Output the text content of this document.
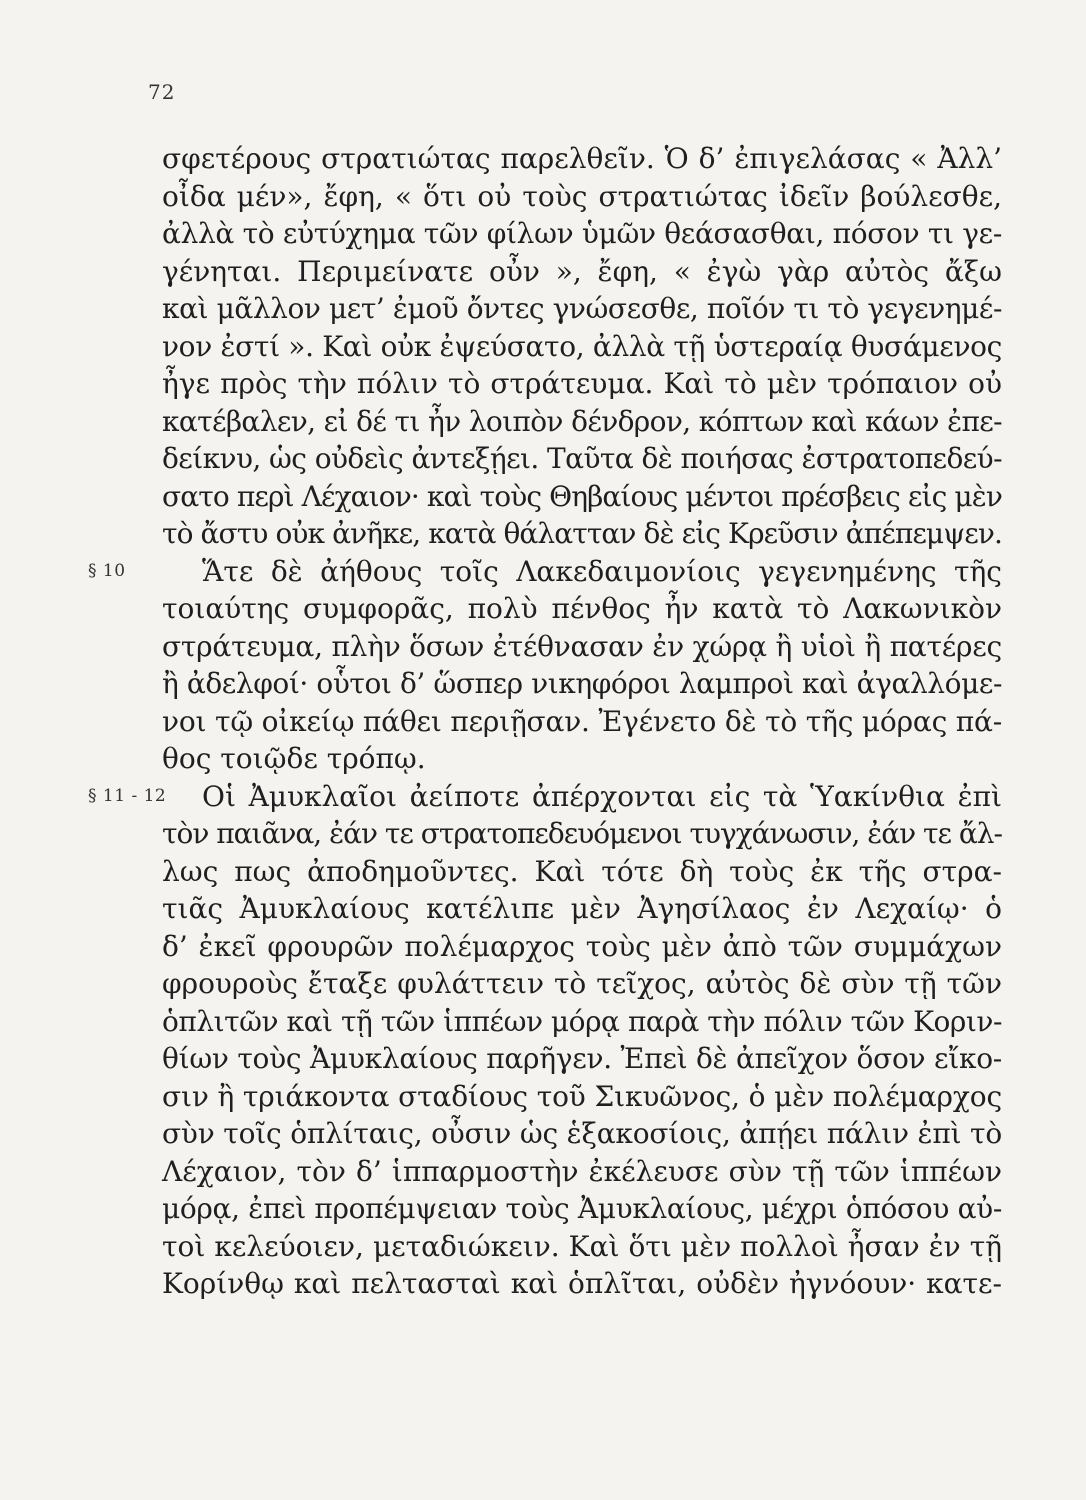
72
σφετέρους στρατιώτας παρελθεῖν. Ὁ δ’ ἐπιγελάσας « Ἀλλ’
οἶδα μέν», ἔφη, « ὅτι οὐ τοὺς στρατιώτας ἰδεῖν βούλεσθε,
ἀλλὰ τὸ εὐτύχημα τῶν φίλων ὑμῶν θεάσασθαι, πόσον τι γε-
γένηται. Περιμείνατε οὖν », ἔφη, « ἐγὼ γὰρ αὐτὸς ἄξω
καὶ μᾶλλον μετ’ ἐμοῦ ὄντες γνώσεσθε, ποῖόν τι τὸ γεγενημέ-
νον ἐστί ». Καὶ οὐκ ἐψεύσατο, ἀλλὰ τῇ ὑστεραίᾳ θυσάμενος
ἦγε πρὸς τὴν πόλιν τὸ στράτευμα. Καὶ τὸ μὲν τρόπαιον οὐ
κατέβαλεν, εἰ δέ τι ἦν λοιπὸν δένδρον, κόπτων καὶ κάων ἐπε-
δείκνυ, ὡς οὐδεὶς ἀντεξῄει. Ταῦτα δὲ ποιήσας ἐστρατοπεδεύ-
σατο περὶ Λέχαιον· καὶ τοὺς Θηβαίους μέντοι πρέσβεις εἰς μὲν
τὸ ἄστυ οὐκ ἀνῆκε, κατὰ θάλατταν δὲ εἰς Κρεῦσιν ἀπέπεμψεν.
§ 10	Ἅτε δὲ ἀήθους τοῖς Λακεδαιμονίοις γεγενημένης τῆς
τοιαύτης συμφορᾶς, πολὺ πένθος ἦν κατὰ τὸ Λακωνικὸν
στράτευμα, πλὴν ὅσων ἐτέθνασαν ἐν χώρᾳ ἢ υἱοὶ ἢ πατέρες
ἢ ἀδελφοί· οὗτοι δ’ ὥσπερ νικηφόροι λαμπροὶ καὶ ἀγαλλόμε-
νοι τῷ οἰκείῳ πάθει περιῇσαν. Ἐγένετο δὲ τὸ τῆς μόρας πά-
θος τοιῷδε τρόπῳ.
§ 11 - 12 Οἱ Ἀμυκλαῖοι ἀείποτε ἀπέρχονται εἰς τὰ Ὑακίνθια ἐπὶ
τὸν παιᾶνα, ἐάν τε στρατοπεδευόμενοι τυγχάνωσιν, ἐάν τε ἄλ-
λως πως ἀποδημοῦντες. Καὶ τότε δὴ τοὺς ἐκ τῆς στρα-
τιᾶς Ἀμυκλαίους κατέλιπε μὲν Ἀγησίλαος ἐν Λεχαίῳ· ὁ
δ’ ἐκεῖ φρουρῶν πολέμαρχος τοὺς μὲν ἀπὸ τῶν συμμάχων
φρουροὺς ἔταξε φυλάττειν τὸ τεῖχος, αὐτὸς δὲ σὺν τῇ τῶν
ὁπλιτῶν καὶ τῇ τῶν ἱππέων μόρᾳ παρὰ τὴν πόλιν τῶν Κοριν-
θίων τοὺς Ἀμυκλαίους παρῆγεν. Ἐπεὶ δὲ ἀπεῖχον ὅσον εἴκο-
σιν ἢ τριάκοντα σταδίους τοῦ Σικυῶνος, ὁ μὲν πολέμαρχος
σὺν τοῖς ὁπλίταις, οὖσιν ὡς ἑξακοσίοις, ἀπῄει πάλιν ἐπὶ τὸ
Λέχαιον, τὸν δ’ ἱππαρμοστὴν ἐκέλευσε σὺν τῇ τῶν ἱππέων
μόρᾳ, ἐπεὶ προπέμψειαν τοὺς Ἀμυκλαίους, μέχρι ὁπόσου αὐ-
τοὶ κελεύοιεν, μεταδιώκειν. Καὶ ὅτι μὲν πολλοὶ ἦσαν ἐν τῇ
Κορίνθῳ καὶ πελτασταὶ καὶ ὁπλῖται, οὐδὲν ἠγνόουν· κατε-
